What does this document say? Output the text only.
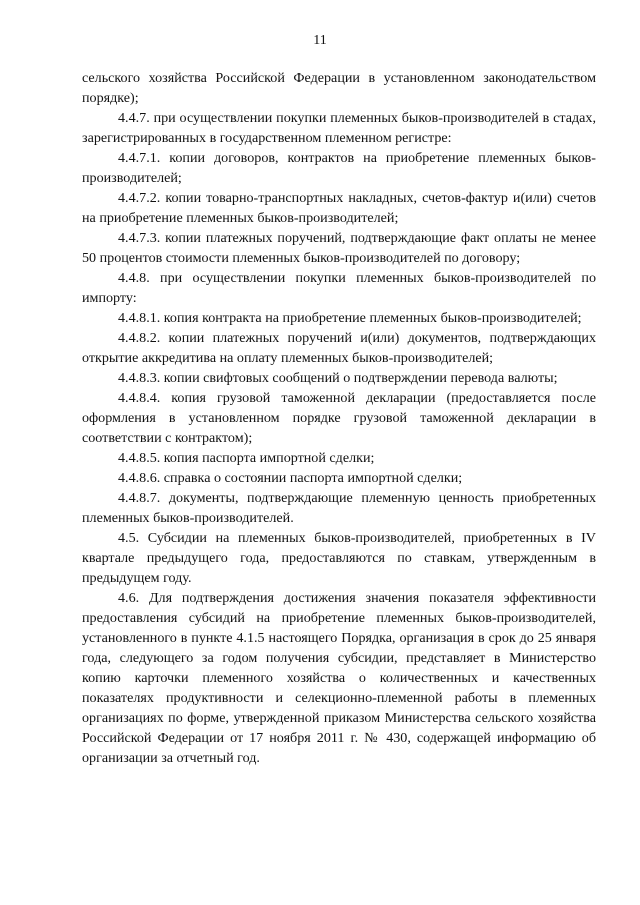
11

сельского хозяйства Российской Федерации в установленном законодательством порядке);

4.4.7. при осуществлении покупки племенных быков-производителей в стадах, зарегистрированных в государственном племенном регистре:

4.4.7.1. копии договоров, контрактов на приобретение племенных быков-производителей;

4.4.7.2. копии товарно-транспортных накладных, счетов-фактур и(или) счетов на приобретение племенных быков-производителей;

4.4.7.3. копии платежных поручений, подтверждающие факт оплаты не менее 50 процентов стоимости племенных быков-производителей по договору;

4.4.8. при осуществлении покупки племенных быков-производителей по импорту:

4.4.8.1. копия контракта на приобретение племенных быков-производителей;

4.4.8.2. копии платежных поручений и(или) документов, подтверждающих открытие аккредитива на оплату племенных быков-производителей;

4.4.8.3. копии свифтовых сообщений о подтверждении перевода валюты;

4.4.8.4. копия грузовой таможенной декларации (предоставляется после оформления в установленном порядке грузовой таможенной декларации в соответствии с контрактом);

4.4.8.5. копия паспорта импортной сделки;

4.4.8.6. справка о состоянии паспорта импортной сделки;

4.4.8.7. документы, подтверждающие племенную ценность приобретенных племенных быков-производителей.

4.5. Субсидии на племенных быков-производителей, приобретенных в IV квартале предыдущего года, предоставляются по ставкам, утвержденным в предыдущем году.

4.6. Для подтверждения достижения значения показателя эффективности предоставления субсидий на приобретение племенных быков-производителей, установленного в пункте 4.1.5 настоящего Порядка, организация в срок до 25 января года, следующего за годом получения субсидии, представляет в Министерство копию карточки племенного хозяйства о количественных и качественных показателях продуктивности и селекционно-племенной работы в племенных организациях по форме, утвержденной приказом Министерства сельского хозяйства Российской Федерации от 17 ноября 2011 г. № 430, содержащей информацию об организации за отчетный год.
